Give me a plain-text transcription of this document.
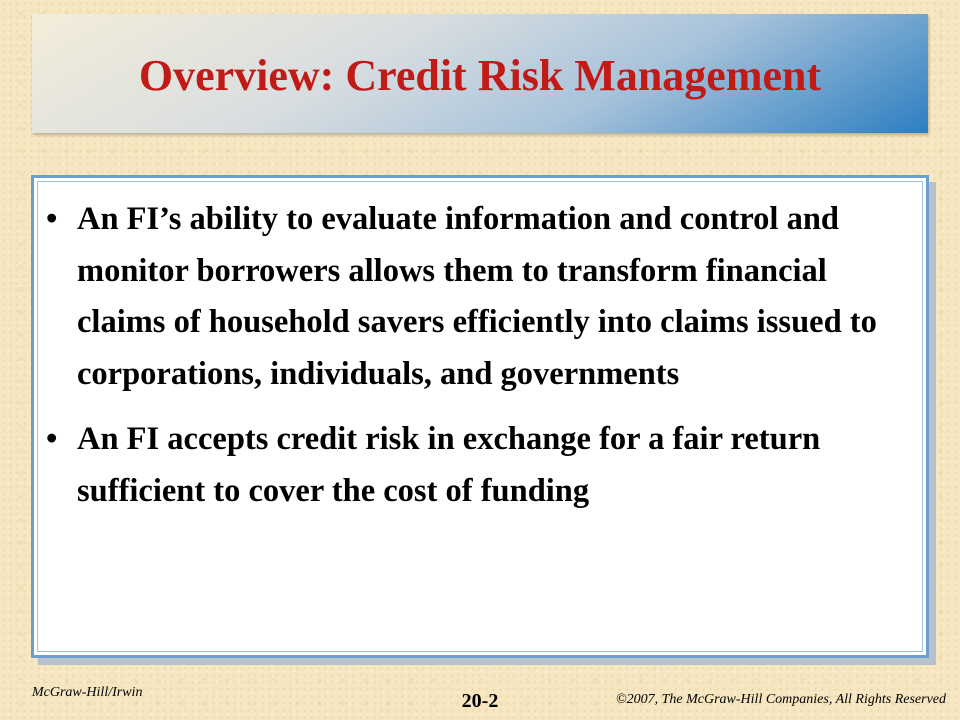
Overview: Credit Risk Management
• An FI’s ability to evaluate information and control and monitor borrowers allows them to transform financial claims of household savers efficiently into claims issued to corporations, individuals, and governments
• An FI accepts credit risk in exchange for a fair return sufficient to cover the cost of funding
McGraw-Hill/Irwin	20-2	©2007, The McGraw-Hill Companies, All Rights Reserved
